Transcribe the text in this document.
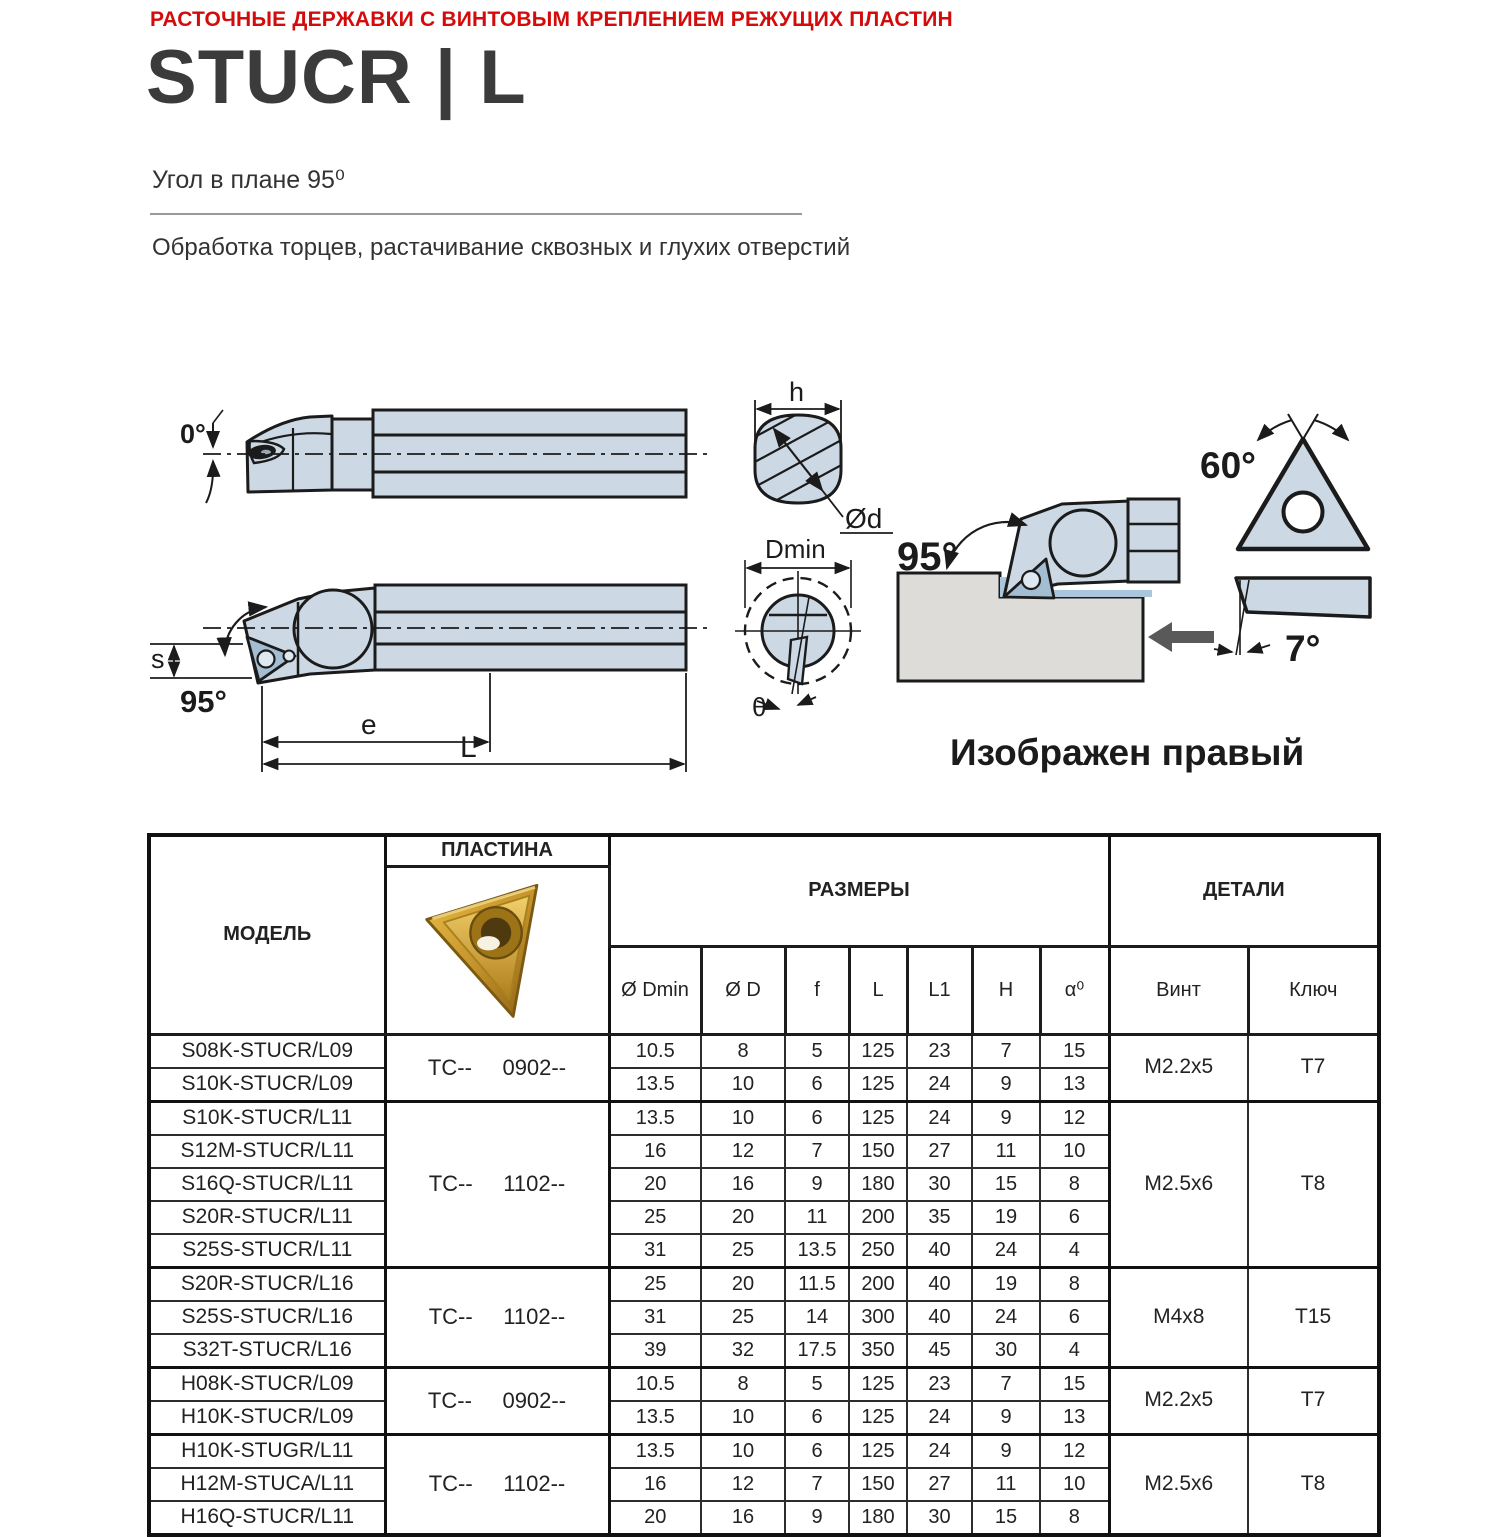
РАСТОЧНЫЕ ДЕРЖАВКИ С ВИНТОВЫМ КРЕПЛЕНИЕМ РЕЖУЩИХ ПЛАСТИН
STUCR | L
Угол в плане 95⁰
Обработка торцев, растачивание сквозных и глухих отверстий
0°
95°
s
e
L
h
Ød
Dmin
θ
95°
Изображен правый
60°
7°
МОДЕЛЬ	ПЛАСТИНА	РАЗМЕРЫ							ДЕТАЛИ	

		Ø Dmin	Ø D	f	L	L1	H	α⁰	Винт	Ключ
S08K-STUCR/L09	TC--     0902--	10.5	8	5	125	23	7	15	M2.2x5	T7
S10K-STUCR/L09		13.5	10	6	125	24	9	13		
S10K-STUCR/L11	TC--     1102--	13.5	10	6	125	24	9	12	M2.5x6	T8
S12M-STUCR/L11		16	12	7	150	27	11	10		
S16Q-STUCR/L11		20	16	9	180	30	15	8		
S20R-STUCR/L11		25	20	11	200	35	19	6		
S25S-STUCR/L11		31	25	13.5	250	40	24	4		
S20R-STUCR/L16	TC--     1102--	25	20	11.5	200	40	19	8	M4x8	T15
S25S-STUCR/L16		31	25	14	300	40	24	6		
S32T-STUCR/L16		39	32	17.5	350	45	30	4		
H08K-STUCR/L09	TC--     0902--	10.5	8	5	125	23	7	15	M2.2x5	T7
H10K-STUCR/L09		13.5	10	6	125	24	9	13		
H10K-STUGR/L11	TC--     1102--	13.5	10	6	125	24	9	12	M2.5x6	T8
H12M-STUCA/L11		16	12	7	150	27	11	10		
H16Q-STUCR/L11		20	16	9	180	30	15	8		
